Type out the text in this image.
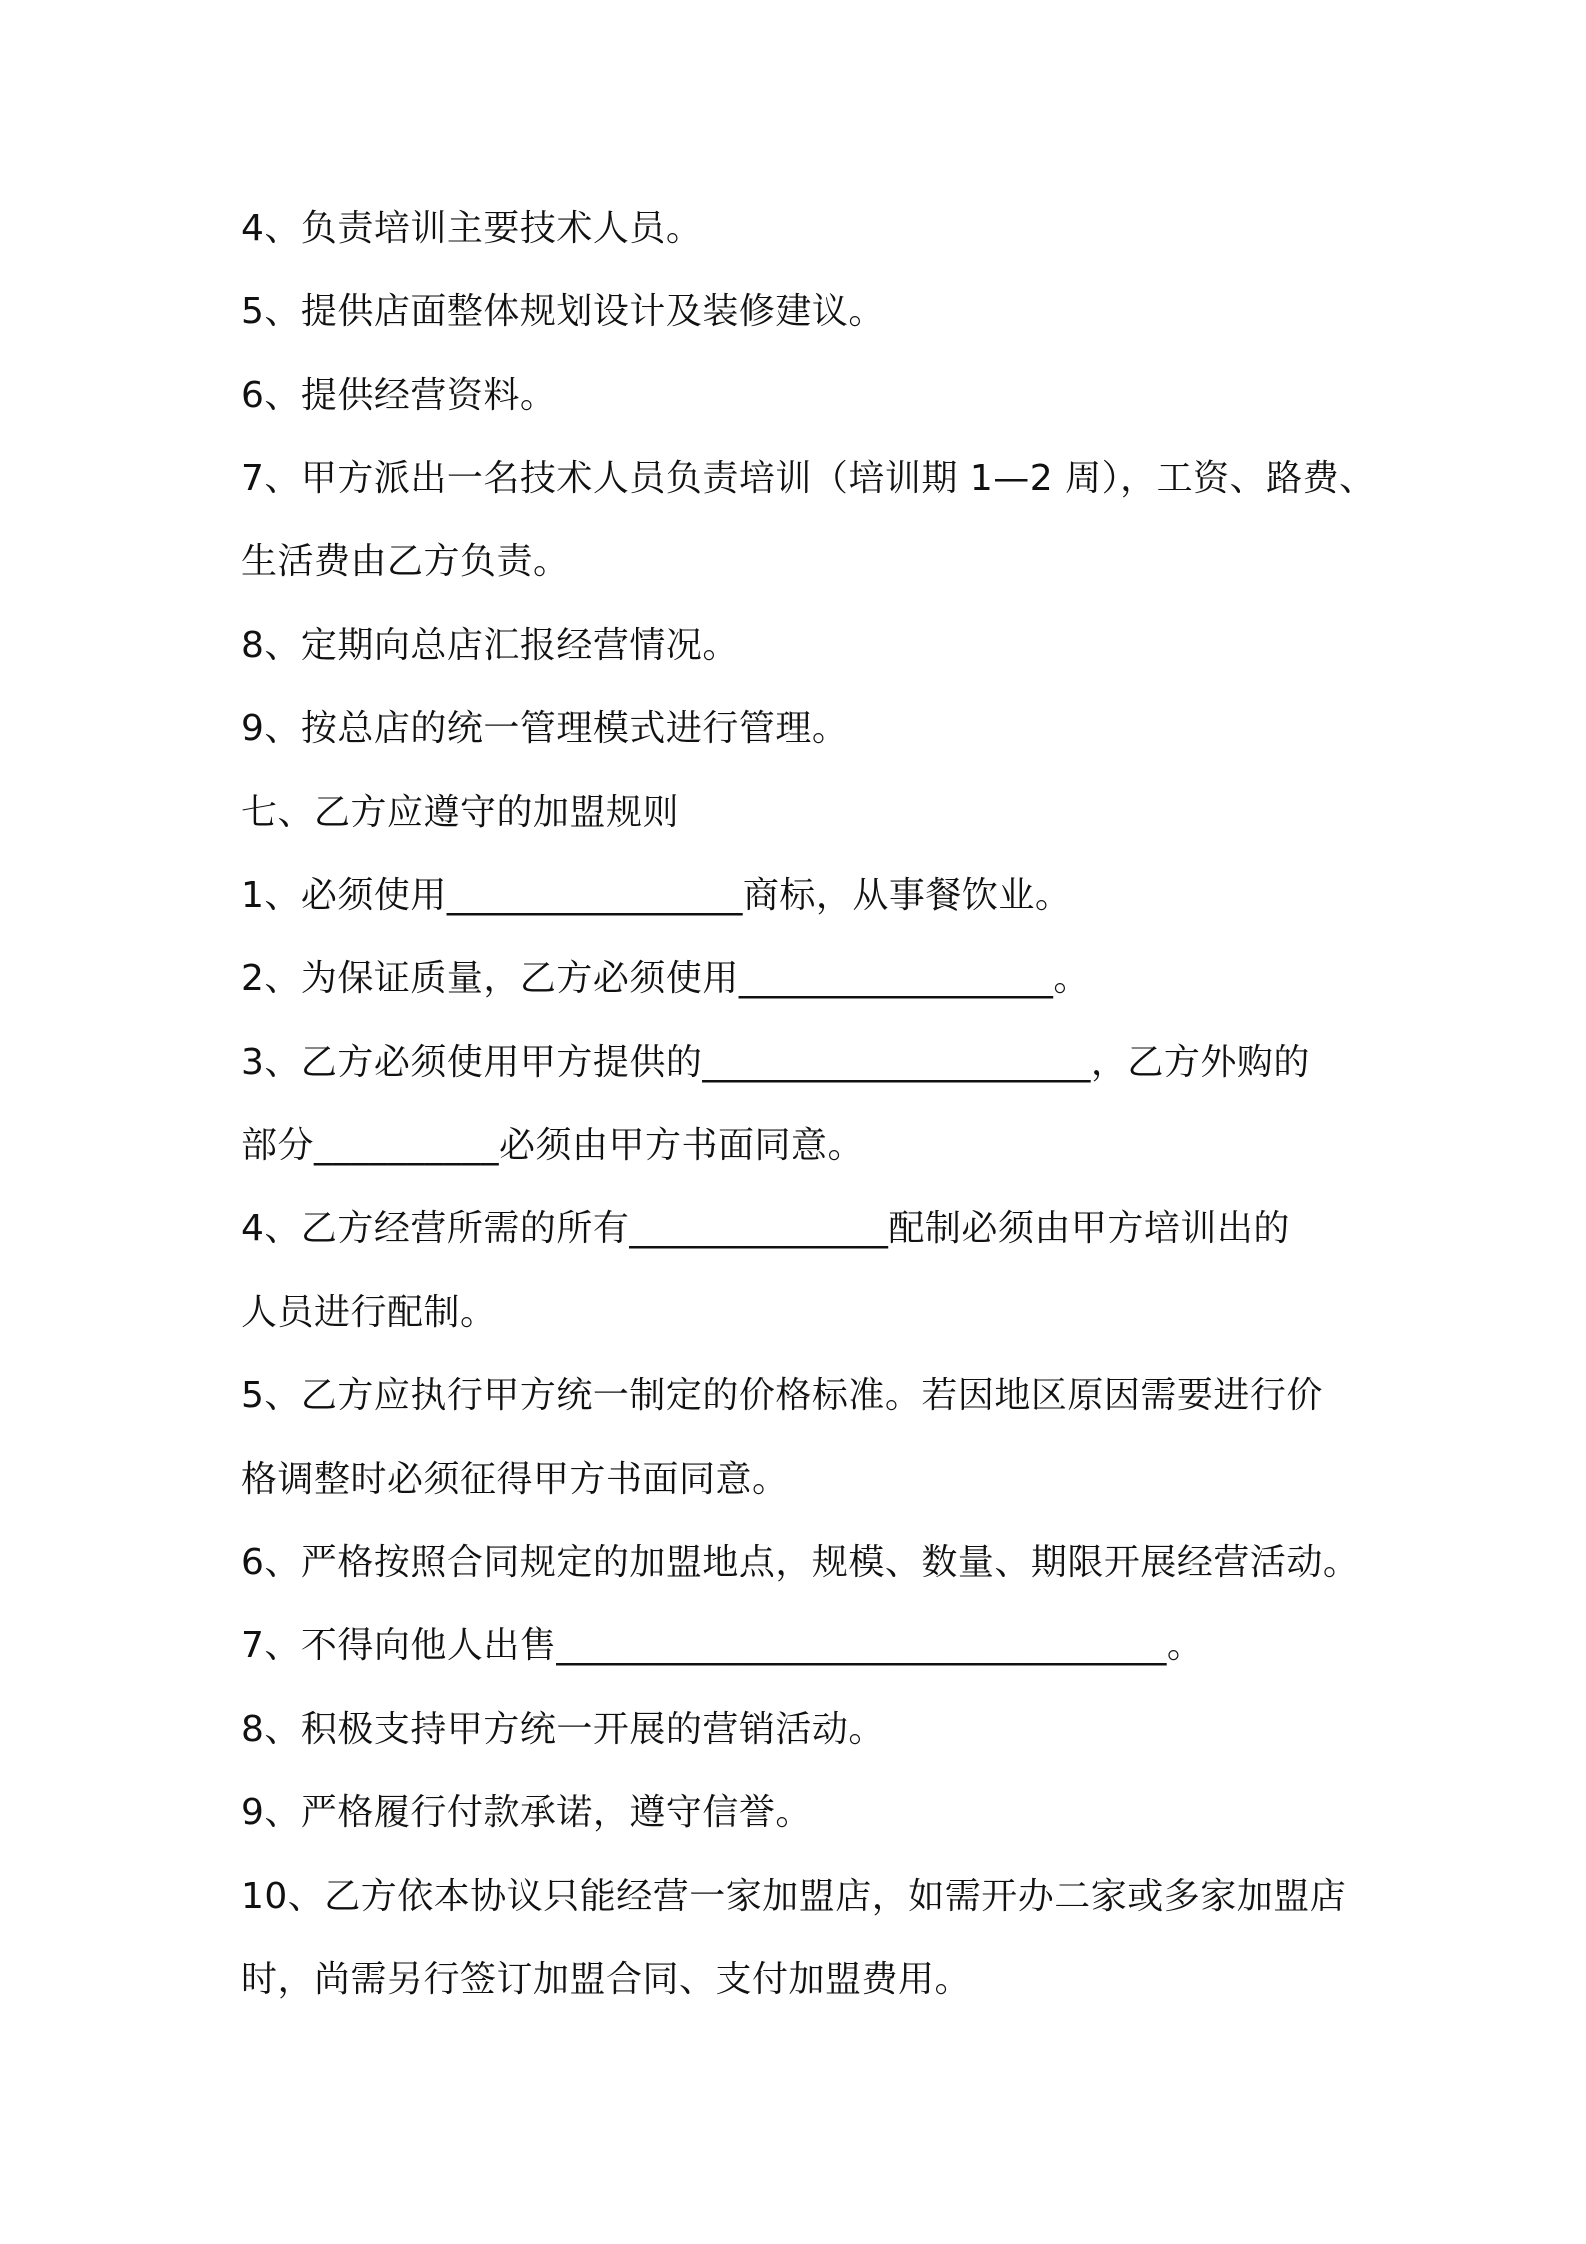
4、负责培训主要技术人员。
5、提供店面整体规划设计及装修建议。
6、提供经营资料。
7、甲方派出一名技术人员负责培训（培训期 1—2 周），工资、路费、
生活费由乙方负责。
8、定期向总店汇报经营情况。
9、按总店的统一管理模式进行管理。
七、乙方应遵守的加盟规则
1、必须使用________________商标，从事餐饮业。
2、为保证质量，乙方必须使用_________________。
3、乙方必须使用甲方提供的_____________________，乙方外购的
部分__________必须由甲方书面同意。
4、乙方经营所需的所有______________配制必须由甲方培训出的
人员进行配制。
5、乙方应执行甲方统一制定的价格标准。若因地区原因需要进行价
格调整时必须征得甲方书面同意。
6、严格按照合同规定的加盟地点，规模、数量、期限开展经营活动。
7、不得向他人出售_________________________________。
8、积极支持甲方统一开展的营销活动。
9、严格履行付款承诺，遵守信誉。
10、乙方依本协议只能经营一家加盟店，如需开办二家或多家加盟店
时，尚需另行签订加盟合同、支付加盟费用。
